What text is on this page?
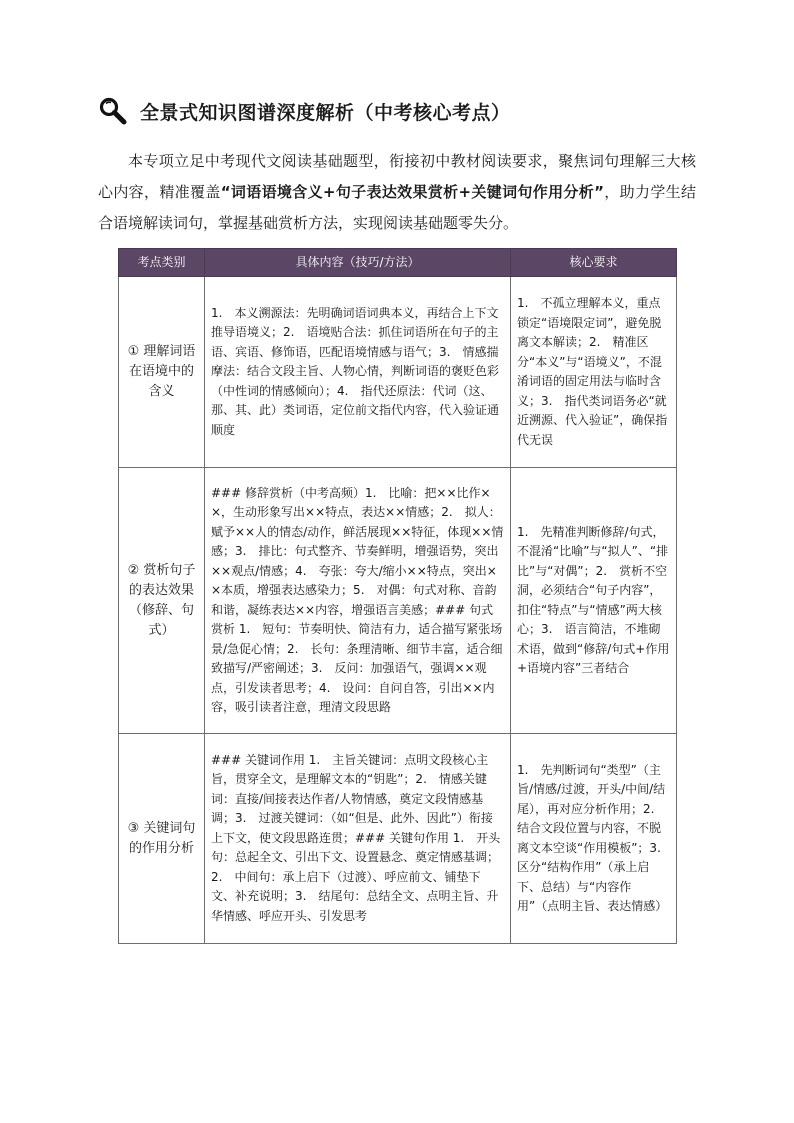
全景式知识图谱深度解析（中考核心考点）
本专项立足中考现代文阅读基础题型，衔接初中教材阅读要求，聚焦词句理解三大核心内容，精准覆盖“词语语境含义+句子表达效果赏析+关键词句作用分析”，助力学生结合语境解读词句，掌握基础赏析方法，实现阅读基础题零失分。
考点类别	具体内容（技巧/方法）	核心要求
① 理解词语在语境中的含义	1.　本义溯源法：先明确词语词典本义，再结合上下文推导语境义；2.　语境贴合法：抓住词语所在句子的主语、宾语、修饰语，匹配语境情感与语气；3.　情感揣摩法：结合文段主旨、人物心情，判断词语的褒贬色彩（中性词的情感倾向）；4.　指代还原法：代词（这、那、其、此）类词语，定位前文指代内容，代入验证通顺度	1.　不孤立理解本义，重点锁定“语境限定词”，避免脱离文本解读；2.　精准区分“本义”与“语境义”，不混淆词语的固定用法与临时含义；3.　指代类词语务必“就近溯源、代入验证”，确保指代无误
② 赏析句子的表达效果（修辞、句式）	### 修辞赏析（中考高频）1.　比喻：把××比作××，生动形象写出××特点，表达××情感；2.　拟人：赋予××人的情态/动作，鲜活展现××特征，体现××情感；3.　排比：句式整齐、节奏鲜明，增强语势，突出××观点/情感；4.　夸张：夸大/缩小××特点，突出××本质，增强表达感染力；5.　对偶：句式对称、音韵和谐，凝练表达××内容，增强语言美感；### 句式赏析 1.　短句：节奏明快、简洁有力，适合描写紧张场景/急促心情；2.　长句：条理清晰、细节丰富，适合细致描写/严密阐述；3.　反问：加强语气，强调××观点，引发读者思考；4.　设问：自问自答，引出××内容，吸引读者注意，理清文段思路	1.　先精准判断修辞/句式，不混淆“比喻”与“拟人”、“排比”与“对偶”；2.　赏析不空洞，必须结合“句子内容”，扣住“特点”与“情感”两大核心；3.　语言简洁，不堆砌术语，做到“修辞/句式+作用+语境内容”三者结合
③ 关键词句的作用分析	### 关键词作用 1.　主旨关键词：点明文段核心主旨，贯穿全文，是理解文本的“钥匙”；2.　情感关键词：直接/间接表达作者/人物情感，奠定文段情感基调；3.　过渡关键词：（如“但是、此外、因此”）衔接上下文，使文段思路连贯；### 关键句作用 1.　开头句：总起全文、引出下文、设置悬念、奠定情感基调；2.　中间句：承上启下（过渡）、呼应前文、铺垫下文、补充说明；3.　结尾句：总结全文、点明主旨、升华情感、呼应开头、引发思考	1.　先判断词句“类型”（主旨/情感/过渡，开头/中间/结尾），再对应分析作用；2.　结合文段位置与内容，不脱离文本空谈“作用模板”；3.　区分“结构作用”（承上启下、总结）与“内容作用”（点明主旨、表达情感）
